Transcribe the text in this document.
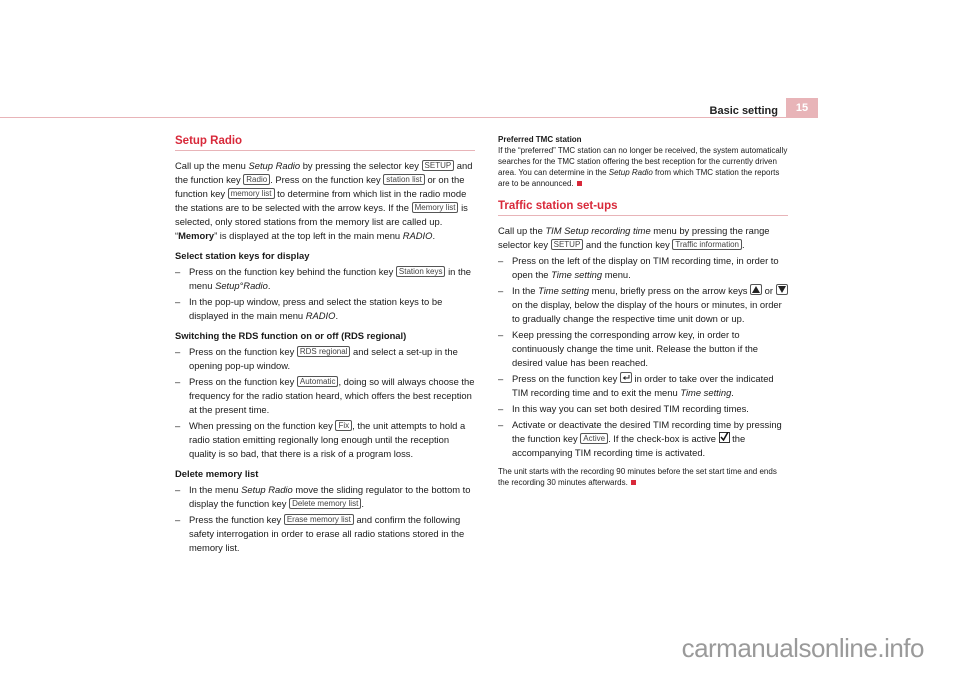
Basic setting	15
Setup Radio

Call up the menu Setup Radio by pressing the selector key SETUP and the function key Radio . Press on the function key station list or on the function key memory list to determine from which list in the radio mode the stations are to be selected with the arrow keys. If the Memory list is selected, only stored stations from the memory list are called up.
“Memory” is displayed at the top left in the main menu RADIO.

Select station keys for display

– Press on the function key behind the function key Station keys in the menu Setup°Radio.
– In the pop-up window, press and select the station keys to be displayed in the main menu RADIO.

Switching the RDS function on or off (RDS regional)

– Press on the function key RDS regional and select a set-up in the opening pop-up window.
– Press on the function key Automatic , doing so will always choose the frequency for the radio station heard, which offers the best reception at the present time.
– When pressing on the function key Fix , the unit attempts to hold a radio station emitting regionally long enough until the reception quality is so bad, that there is a risk of a program loss.

Delete memory list

– In the menu Setup Radio move the sliding regulator to the bottom to display the function key Delete memory list .
– Press the function key Erase memory list and confirm the following safety interrogation in order to erase all radio stations stored in the memory list.

Preferred TMC station

If the “preferred” TMC station can no longer be received, the system automatically searches for the TMC station offering the best reception for the currently driven area. You can determine in the Setup Radio from which TMC station the reports are to be announced.

Traffic station set-ups

Call up the TIM Setup recording time menu by pressing the range selector key SETUP and the function key Traffic information .

– Press on the left of the display on TIM recording time, in order to open the Time setting menu.
– In the Time setting menu, briefly press on the arrow keys
or
on the display, below the display of the hours or minutes, in order to gradually change the respective time unit down or up.
– Keep pressing the corresponding arrow key, in order to continuously change the time unit. Release the button if the desired value has been reached.
– Press on the function key
in order to take over the indicated TIM recording time and to exit the menu Time setting.
– In this way you can set both desired TIM recording times.
– Activate or deactivate the desired TIM recording time by pressing the function key Active . If the check-box is active
the accompanying TIM recording time is activated.

The unit starts with the recording 90 minutes before the set start time and ends the recording 30 minutes afterwards.

carmanualsonline.info
